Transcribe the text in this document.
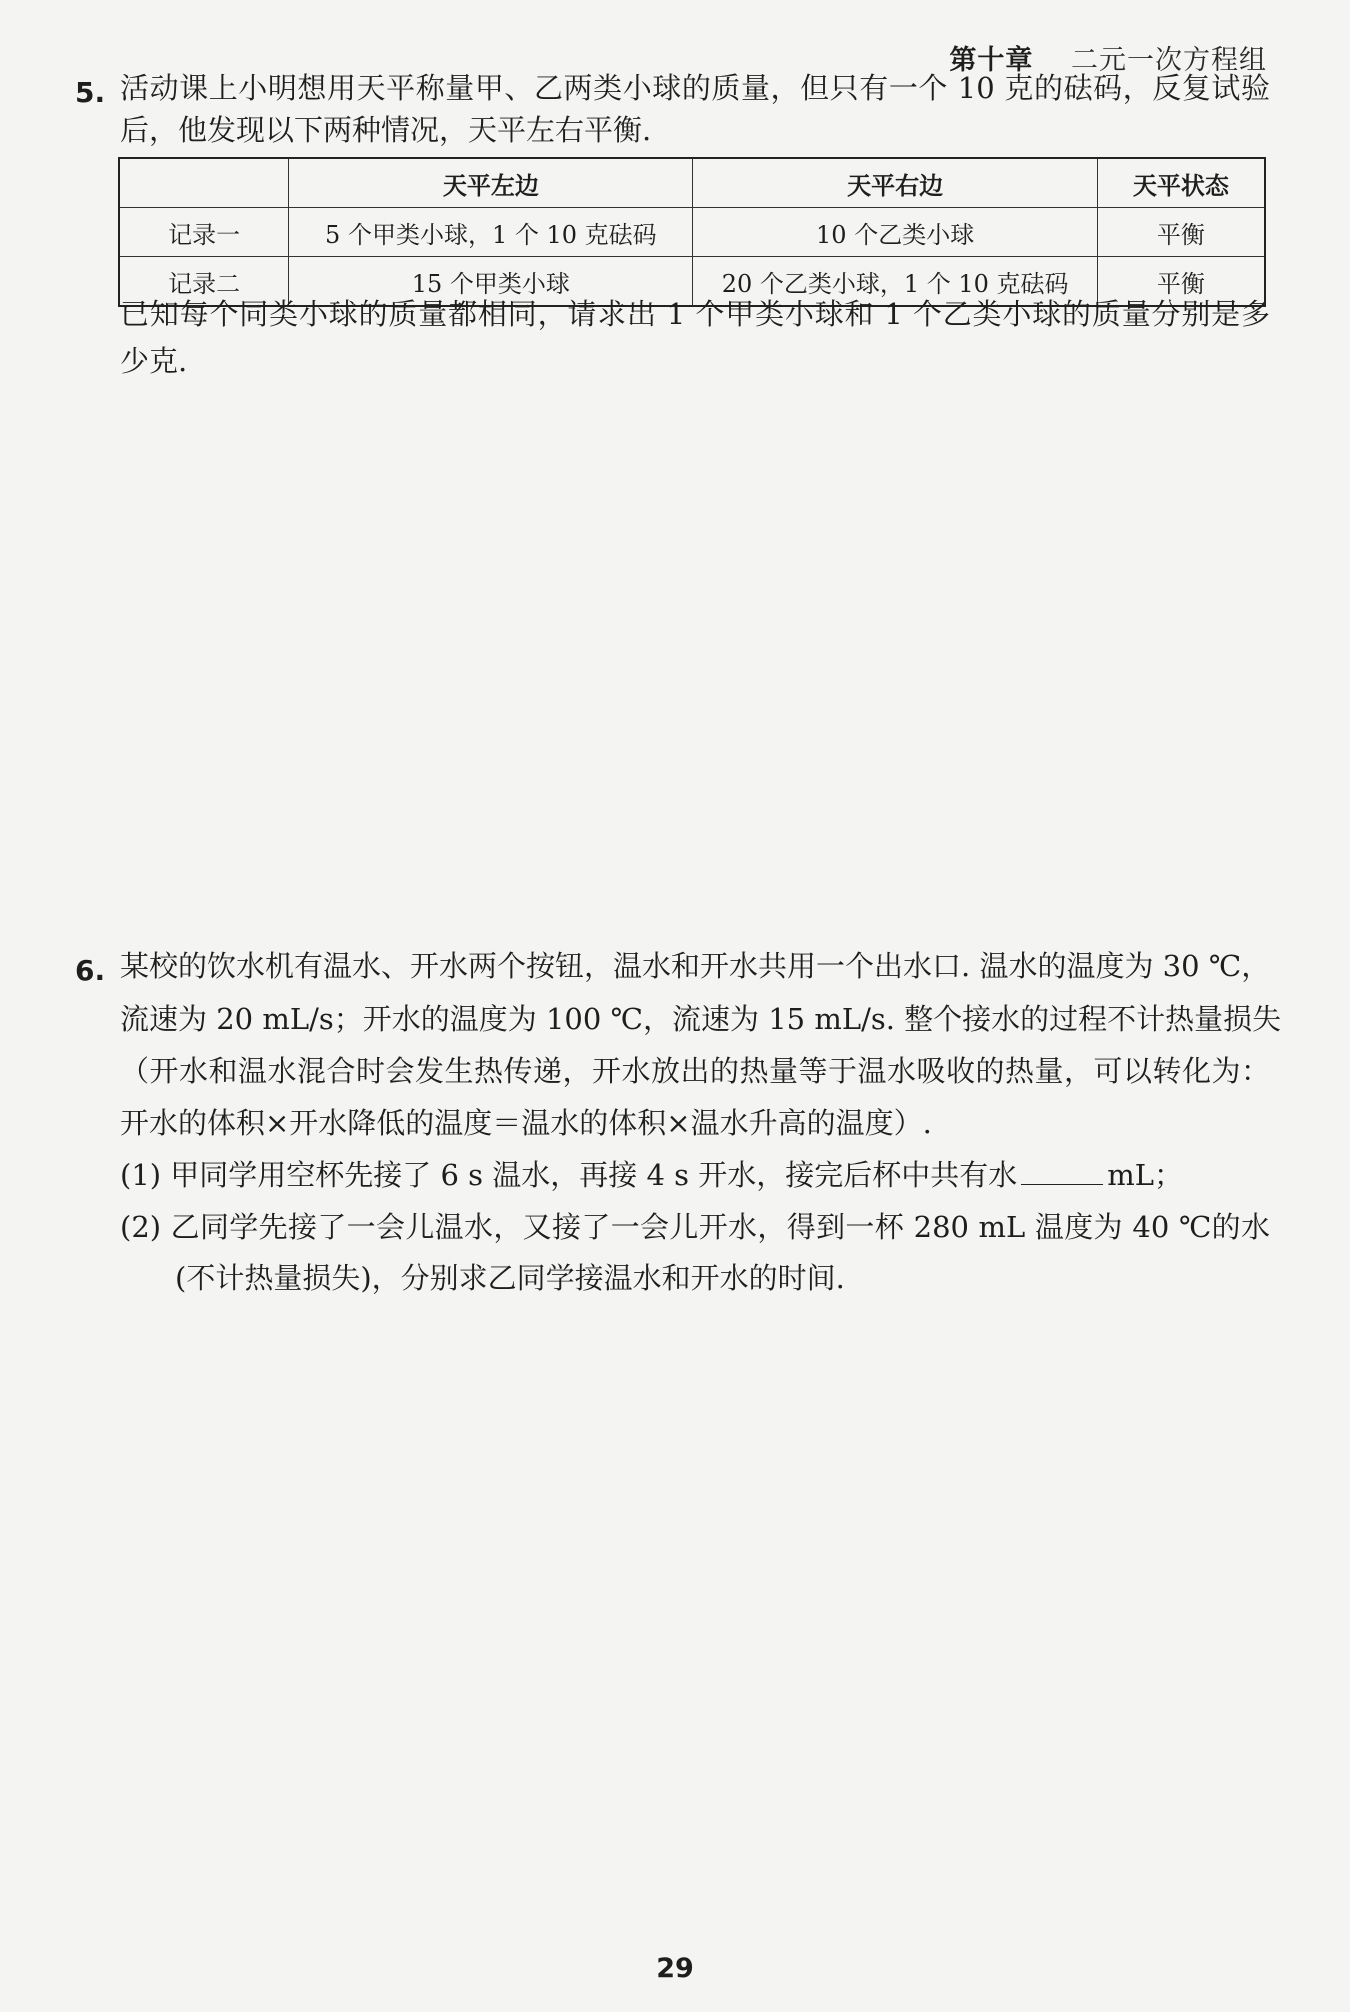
第十章 二元一次方程组
5. 活动课上小明想用天平称量甲、乙两类小球的质量，但只有一个 10 克的砝码，反复试验
后，他发现以下两种情况，天平左右平衡.
	天平左边	天平右边	天平状态
记录一	5 个甲类小球，1 个 10 克砝码	10 个乙类小球	平衡
记录二	15 个甲类小球	20 个乙类小球，1 个 10 克砝码	平衡
已知每个同类小球的质量都相同，请求出 1 个甲类小球和 1 个乙类小球的质量分别是多
少克.
6. 某校的饮水机有温水、开水两个按钮，温水和开水共用一个出水口. 温水的温度为 30 ℃，
流速为 20 mL/s；开水的温度为 100 ℃，流速为 15 mL/s. 整个接水的过程不计热量损失
（开水和温水混合时会发生热传递，开水放出的热量等于温水吸收的热量，可以转化为：
开水的体积×开水降低的温度＝温水的体积×温水升高的温度）.
(1) 甲同学用空杯先接了 6 s 温水，再接 4 s 开水，接完后杯中共有水	mL；
(2) 乙同学先接了一会儿温水，又接了一会儿开水，得到一杯 280 mL 温度为 40 ℃的水
(不计热量损失)，分别求乙同学接温水和开水的时间.
29
